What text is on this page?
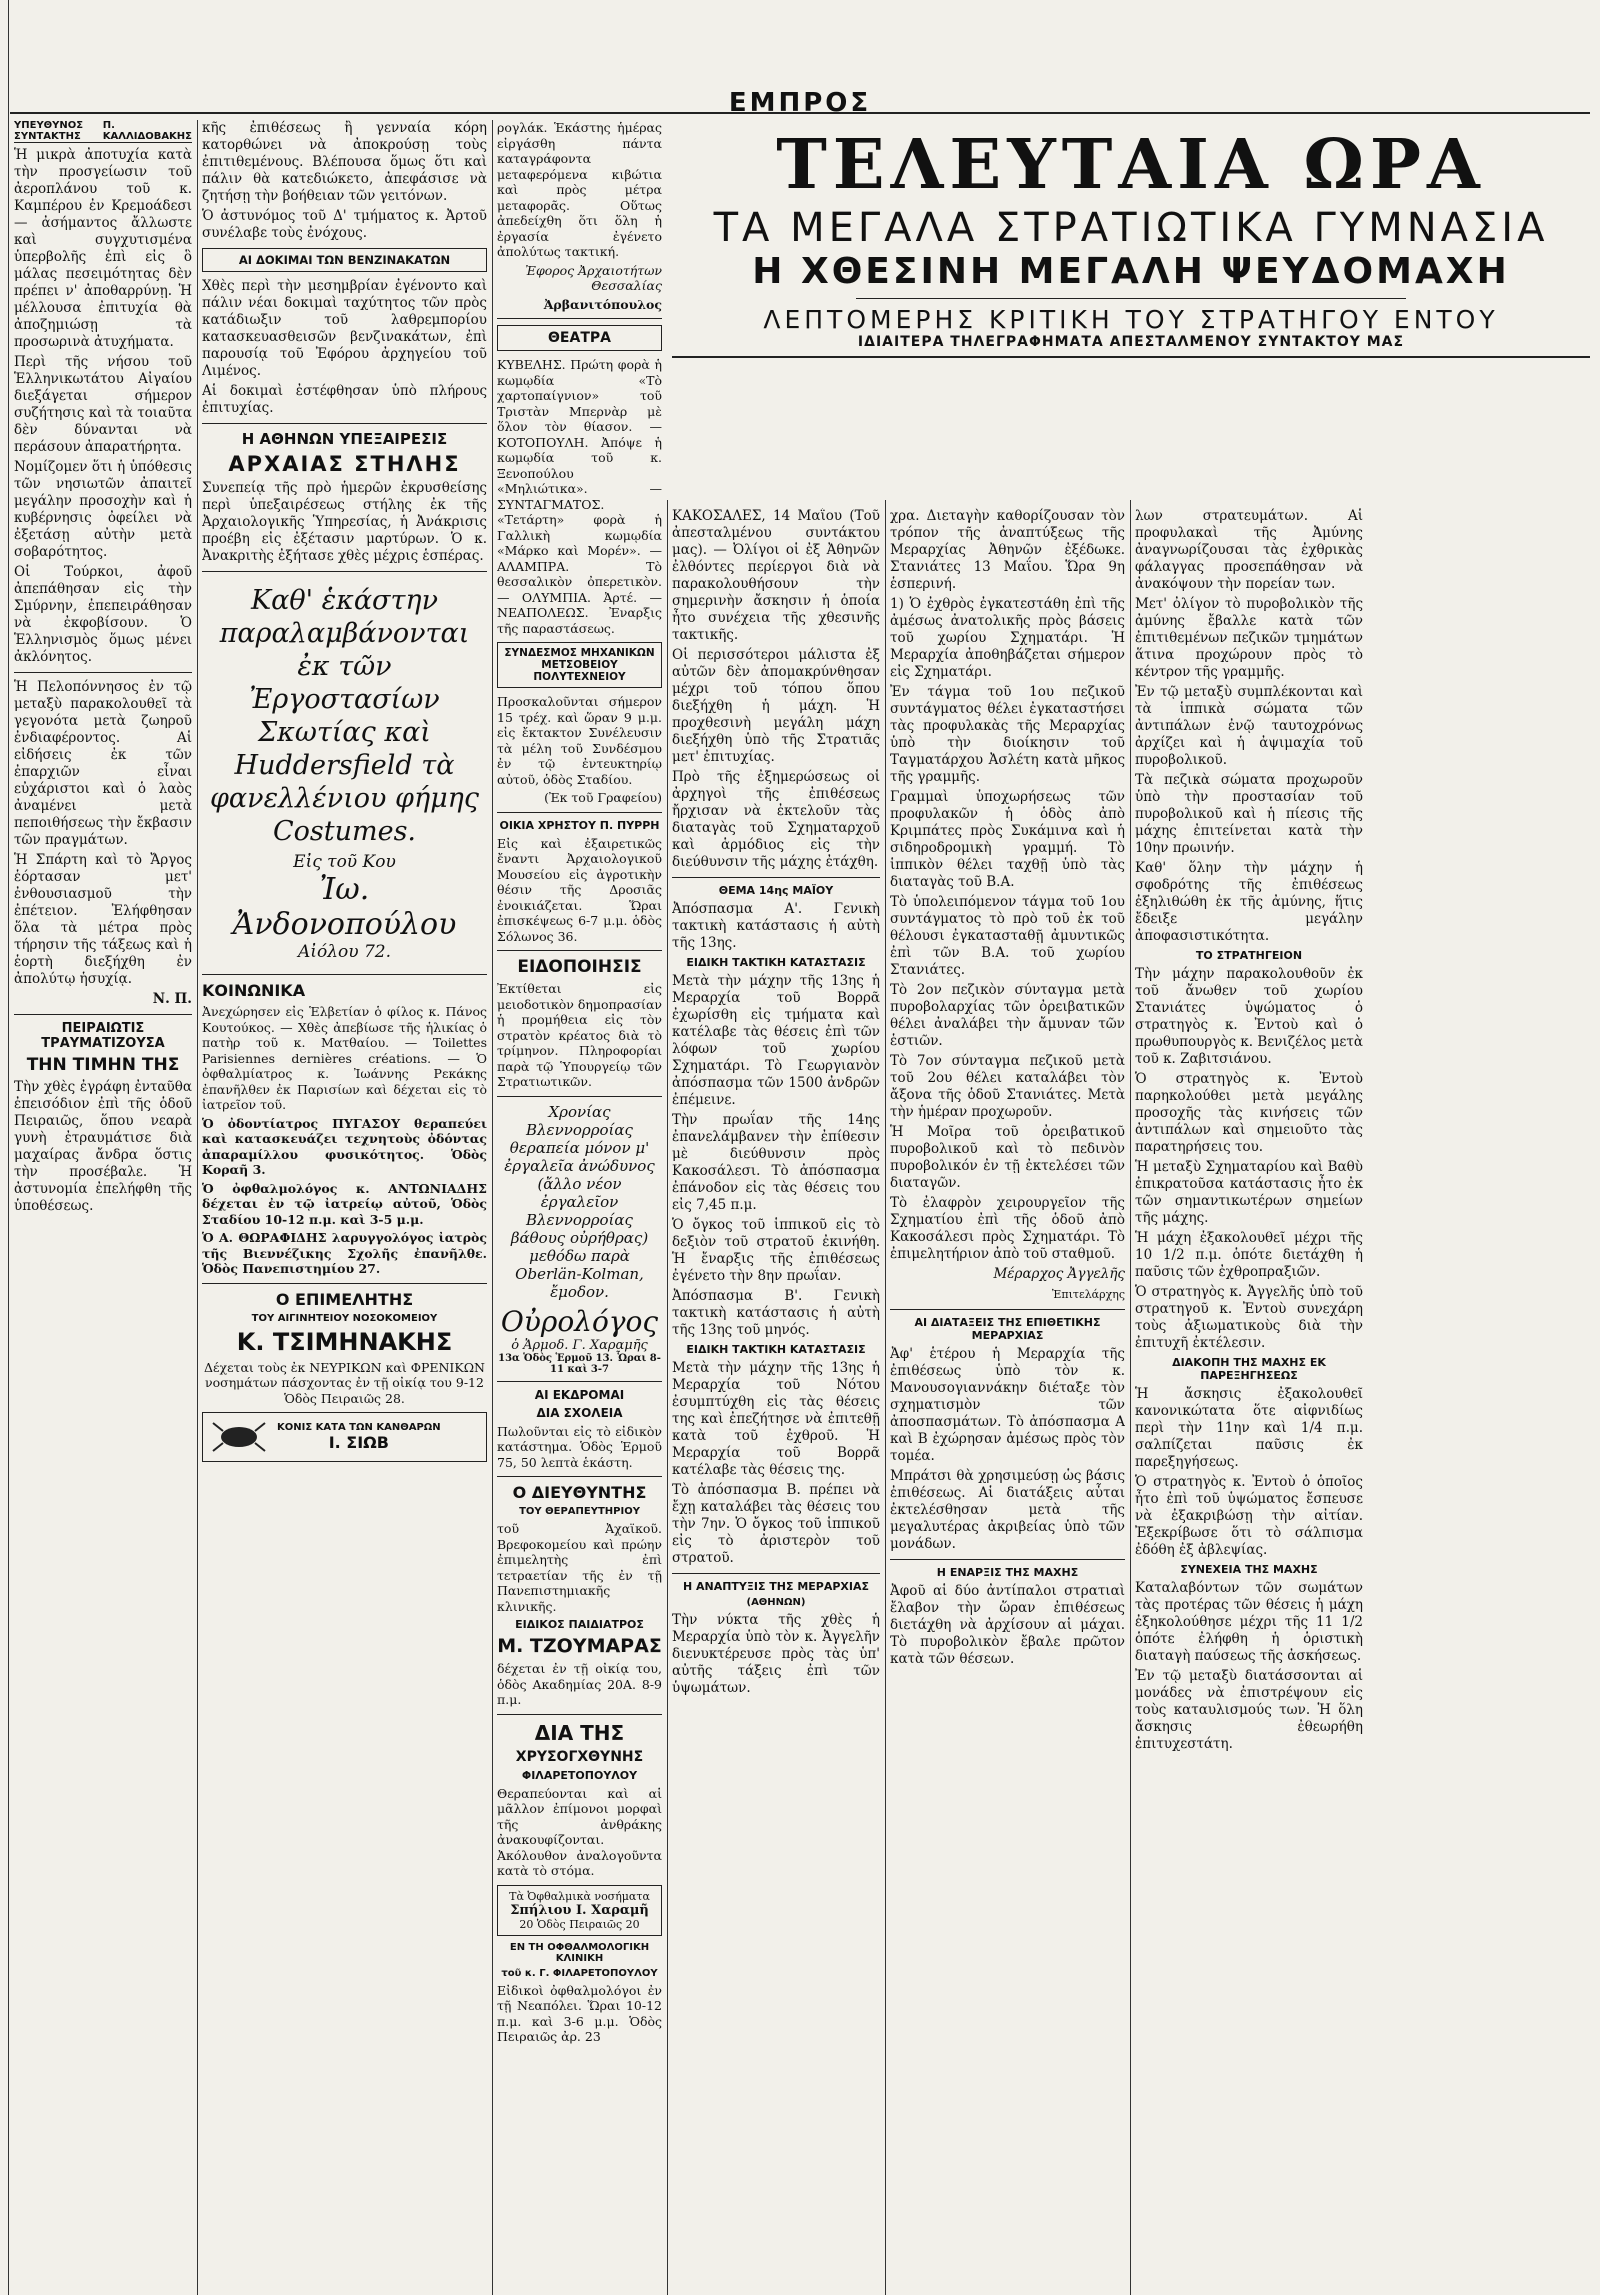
ΕΜΠΡΟΣ
ΥΠΕΥΘΥΝΟΣ ΣΥΝΤΑΚΤΗΣ
Π. ΚΑΛΛΙΔΟΒΑΚΗΣ

Ἡ μικρὰ ἀποτυχία κατὰ τὴν προσγείωσιν τοῦ ἀεροπλάνου τοῦ κ. Καμπέρου ἐν Κρεμοάδεσι — ἀσήμαντος ἄλλωστε καὶ συγχυτισμένα ὑπερβολῆς ἐπὶ εἰς ὃ μάλας πεσειμότητας δὲν πρέπει ν' ἀποθαρρύνῃ. Ἡ μέλλουσα ἐπιτυχία θὰ ἀποζημιώσῃ τὰ προσωρινὰ ἀτυχήματα.

Περὶ τῆς νήσου τοῦ Ἑλληνικωτάτου Αἰγαίου διεξάγεται σήμερον συζήτησις καὶ τὰ τοιαῦτα δὲν δύνανται νὰ περάσουν ἀπαρατήρητα.

Νομίζομεν ὅτι ἡ ὑπόθεσις τῶν νησιωτῶν ἀπαιτεῖ μεγάλην προσοχὴν καὶ ἡ κυβέρνησις ὀφείλει νὰ ἐξετάσῃ αὐτὴν μετὰ σοβαρότητος.

Οἱ Τούρκοι, ἀφοῦ ἀπεπάθησαν εἰς τὴν Σμύρνην, ἐπεπειράθησαν νὰ ἐκφοβίσουν. Ὁ Ἑλληνισμὸς ὅμως μένει ἀκλόνητος.

Ἡ Πελοπόννησος ἐν τῷ μεταξὺ παρακολουθεῖ τὰ γεγονότα μετὰ ζωηροῦ ἐνδιαφέροντος. Αἱ εἰδήσεις ἐκ τῶν ἐπαρχιῶν εἶναι εὐχάριστοι καὶ ὁ λαὸς ἀναμένει μετὰ πεποιθήσεως τὴν ἔκβασιν τῶν πραγμάτων.

Ἡ Σπάρτη καὶ τὸ Ἄργος ἑόρτασαν μετ' ἐνθουσιασμοῦ τὴν ἐπέτειον. Ἐλήφθησαν ὅλα τὰ μέτρα πρὸς τήρησιν τῆς τάξεως καὶ ἡ ἑορτὴ διεξήχθη ἐν ἀπολύτῳ ἡσυχίᾳ.

Ν. Π.

ΠΕΙΡΑΙΩΤΙΣ ΤΡΑΥΜΑΤΙΖΟΥΣΑ
ΤΗΝ ΤΙΜΗΝ ΤΗΣ

Τὴν χθὲς ἐγράφη ἐνταῦθα ἐπεισόδιον ἐπὶ τῆς ὁδοῦ Πειραιῶς, ὅπου νεαρὰ γυνὴ ἐτραυμάτισε διὰ μαχαίρας ἄνδρα ὅστις τὴν προσέβαλε. Ἡ ἀστυνομία ἐπελήφθη τῆς ὑποθέσεως.

κῆς ἐπιθέσεως ἢ γενναία κόρη κατορθώνει νὰ ἀποκρούσῃ τοὺς ἐπιτιθεμένους. Βλέπουσα ὅμως ὅτι καὶ πάλιν θὰ κατεδιώκετο, ἀπεφάσισε νὰ ζητήσῃ τὴν βοήθειαν τῶν γειτόνων.

Ὁ ἀστυνόμος τοῦ Δ' τμήματος κ. Ἀρτοῦ συνέλαβε τοὺς ἐνόχους.

ΑΙ ΔΟΚΙΜΑΙ ΤΩΝ ΒΕΝΖΙΝΑΚΑΤΩΝ

Χθὲς περὶ τὴν μεσημβρίαν ἐγένοντο καὶ πάλιν νέαι δοκιμαὶ ταχύτητος τῶν πρὸς κατάδιωξιν τοῦ λαθρεμπορίου κατασκευασθεισῶν βενζινακάτων, ἐπὶ παρουσίᾳ τοῦ Ἐφόρου ἀρχηγείου τοῦ Λιμένος.

Αἱ δοκιμαὶ ἐστέφθησαν ὑπὸ πλήρους ἐπιτυχίας.

Η ΑΘΗΝΩΝ ΥΠΕΞΑΙΡΕΣΙΣ
ΑΡΧΑΙΑΣ ΣΤΗΛΗΣ

Συνεπείᾳ τῆς πρὸ ἡμερῶν ἐκρυσθείσης περὶ ὑπεξαιρέσεως στήλης ἐκ τῆς Ἀρχαιολογικῆς Ὑπηρεσίας, ἡ Ἀνάκρισις προέβη εἰς ἐξέτασιν μαρτύρων. Ὁ κ. Ἀνακριτὴς ἐξήτασε χθὲς μέχρις ἑσπέρας.

Καθ' ἑκάστην παραλαμβάνονται ἐκ τῶν Ἐργοστασίων Σκωτίας καὶ Huddersfield τὰ φανελλένιου φήμης Costumes.
Εἰς τοῦ Κου
Ἰω. Ἀνδονοπούλου
Αἰόλου 72.
ΚΟΙΝΩΝΙΚΑ

Ἀνεχώρησεν εἰς Ἑλβετίαν ὁ φίλος κ. Πάνος Κουτούκος. — Χθὲς ἀπεβίωσε τῆς ἡλικίας ὁ πατὴρ τοῦ κ. Ματθαίου. — Toilettes Parisiennes dernières créations. — Ὁ ὀφθαλμίατρος κ. Ἰωάννης Ρεκάκης ἐπανῆλθεν ἐκ Παρισίων καὶ δέχεται εἰς τὸ ἰατρεῖον τοῦ.

Ὁ ὀδοντίατρος ΠΥΓΑΣΟΥ θεραπεύει καὶ κατασκευάζει τεχνητοὺς ὀδόντας ἀπαραμίλλου φυσικότητος. Ὁδὸς Κοραῆ 3.

Ὁ ὀφθαλμολόγος κ. ΑΝΤΩΝΙΑΔΗΣ δέχεται ἐν τῷ ἰατρείῳ αὐτοῦ, Ὁδὸς Σταδίου 10-12 π.μ. καὶ 3-5 μ.μ.

Ὁ Α. ΘΩΡΑΦΙΔΗΣ λαρυγγολόγος ἰατρὸς τῆς Βιεννέζικης Σχολῆς ἐπανῆλθε. Ὁδὸς Πανεπιστημίου 27.

Ο ΕΠΙΜΕΛΗΤΗΣ
ΤΟΥ ΑΙΓΙΝΗΤΕΙΟΥ ΝΟΣΟΚΟΜΕΙΟΥ
Κ. ΤΣΙΜΗΝΑΚΗΣ

Δέχεται τοὺς ἐκ ΝΕΥΡΙΚΩΝ καὶ ΦΡΕΝΙΚΩΝ νοσημάτων πάσχοντας ἐν τῇ οἰκίᾳ του 9-12 Ὁδὸς Πειραιῶς 28.

ΚΟΝΙΣ ΚΑΤΑ ΤΩΝ ΚΑΝΘΑΡΩΝ
Ι. ΣΙΩΒ

ρογλάκ. Ἑκάστης ἡμέρας εἰργάσθη πάντα καταγράφοντα μεταφερόμενα κιβώτια καὶ πρὸς μέτρα μεταφορᾶς. Οὕτως ἀπεδείχθη ὅτι ὅλη ἡ ἐργασία ἐγένετο ἀπολύτως τακτική.

Ἐφορος Ἀρχαιοτήτων Θεσσαλίας

Ἀρβανιτόπουλος

ΘΕΑΤΡΑ

ΚΥΒΕΛΗΣ. Πρώτη φορὰ ἡ κωμῳδία «Τὸ χαρτοπαίγνιον» τοῦ Τριστὰν Μπερνὰρ μὲ ὅλον τὸν θίασον. — ΚΟΤΟΠΟΥΛΗ. Ἀπόψε ἡ κωμῳδία τοῦ κ. Ξενοπούλου «Μηλιώτικα». — ΣΥΝΤΑΓΜΑΤΟΣ. «Τετάρτη» φορὰ ἡ Γαλλικὴ κωμῳδία «Μάρκο καὶ Μορέν». — ΑΛΑΜΠΡΑ. Τὸ θεσσαλικὸν ὀπερετικὸν. — ΟΛΥΜΠΙΑ. Ἀρτέ. — ΝΕΑΠΟΛΕΩΣ. Ἐναρξις τῆς παραστάσεως.

ΣΥΝΔΕΣΜΟΣ ΜΗΧΑΝΙΚΩΝ
ΜΕΤΣΟΒΕΙΟΥ ΠΟΛΥΤΕΧΝΕΙΟΥ

Προσκαλοῦνται σήμερον 15 τρέχ. καὶ ὥραν 9 μ.μ. εἰς ἔκτακτον Συνέλευσιν τὰ μέλη τοῦ Συνδέσμου ἐν τῷ ἐντευκτηρίῳ αὐτοῦ, ὁδὸς Σταδίου.

(Ἐκ τοῦ Γραφείου)

ΟΙΚΙΑ ΧΡΗΣΤΟΥ Π. ΠΥΡΡΗ

Εἰς καὶ ἐξαιρετικῶς ἔναντι Ἀρχαιολογικοῦ Μουσείου εἰς ἀγροτικὴν θέσιν τῆς Δροσιᾶς ἐνοικιάζεται. Ὥραι ἐπισκέψεως 6-7 μ.μ. ὁδὸς Σόλωνος 36.

ΕΙΔΟΠΟΙΗΣΙΣ

Ἐκτίθεται εἰς μειοδοτικὸν δημοπρασίαν ἡ προμήθεια εἰς τὸν στρατὸν κρέατος διὰ τὸ τρίμηνον. Πληροφορίαι παρὰ τῷ Ὑπουργείῳ τῶν Στρατιωτικῶν.

Χρονίας Βλεννορροίας θεραπεία μόνον μ' ἐργαλεῖα ἀνώδυνος (ἄλλο νέον ἐργαλεῖον Βλεννορροίας βάθους οὐρήθρας) μεθόδω παρὰ Oberlän-Kolman, ἔμοδον.
Οὐρολόγος
ὁ Ἀρμοδ. Γ. Χαραμῆς
13α Ὁδὸς Ἑρμοῦ 13. Ὧραι 8-11 καὶ 3-7
ΑΙ ΕΚΔΡΟΜΑΙ
ΔΙΑ ΣΧΟΛΕΙΑ

Πωλοῦνται εἰς τὸ εἰδικὸν κατάστημα. Ὁδὸς Ἑρμοῦ 75, 50 λεπτὰ ἑκάστη.

Ο ΔΙΕΥΘΥΝΤΗΣ
ΤΟΥ ΘΕΡΑΠΕΥΤΗΡΙΟΥ

τοῦ Ἀχαϊκοῦ. Βρεφοκομείου καὶ πρώην ἐπιμελητὴς ἐπὶ τετραετίαν τῆς ἐν τῇ Πανεπιστημιακῆς κλινικῆς.

ΕΙΔΙΚΟΣ ΠΑΙΔΙΑΤΡΟΣ
Μ. ΤΖΟΥΜΑΡΑΣ

δέχεται ἐν τῇ οἰκίᾳ του, ὁδὸς Ακαδημίας 20Α. 8-9 π.μ.

ΔΙΑ ΤΗΣ
ΧΡΥΣΟΓΧΘΥΝΗΣ
ΦΙΛΑΡΕΤΟΠΟΥΛΟΥ

Θεραπεύονται καὶ αἱ μᾶλλον ἐπίμονοι μορφαὶ τῆς ἀνθράκης ἀνακουφίζονται. Ἀκόλουθον ἀναλογοῦντα κατὰ τὸ στόμα.

Τὰ Ὀφθαλμικὰ νοσήματα
Σπήλιου Ι. Χαραμῆ
20 Ὁδὸς Πειραιῶς 20
ΕΝ ΤΗ ΟΦΘΑΛΜΟΛΟΓΙΚΗ ΚΛΙΝΙΚΗ
τοῦ κ. Γ. ΦΙΛΑΡΕΤΟΠΟΥΛΟΥ

Εἰδικοὶ ὀφθαλμολόγοι ἐν τῇ Νεαπόλει. Ὥραι 10-12 π.μ. καὶ 3-6 μ.μ. Ὁδὸς Πειραιῶς ἀρ. 23

ΤΕΛΕΥΤΑΙΑ ΩΡΑ
ΤΑ ΜΕΓΑΛΑ ΣΤΡΑΤΙΩΤΙΚΑ ΓΥΜΝΑΣΙΑ
Η ΧΘΕΣΙΝΗ ΜΕΓΑΛΗ ΨΕΥΔΟΜΑΧΗ
ΛΕΠΤΟΜΕΡΗΣ ΚΡΙΤΙΚΗ ΤΟΥ ΣΤΡΑΤΗΓΟΥ ΕΝΤΟΥ
ΙΔΙΑΙΤΕΡΑ ΤΗΛΕΓΡΑΦΗΜΑΤΑ ΑΠΕΣΤΑΛΜΕΝΟΥ ΣΥΝΤΑΚΤΟΥ ΜΑΣ

ΚΑΚΟΣΑΛΕΣ, 14 Μαΐου (Τοῦ ἀπεσταλμένου συντάκτου μας). — Ὀλίγοι οἱ ἐξ Ἀθηνῶν ἐλθόντες περίεργοι διὰ νὰ παρακολουθήσουν τὴν σημερινὴν ἄσκησιν ἡ ὁποία ἦτο συνέχεια τῆς χθεσινῆς τακτικῆς.

Οἱ περισσότεροι μάλιστα ἐξ αὐτῶν δὲν ἀπομακρύνθησαν μέχρι τοῦ τόπου ὅπου διεξήχθη ἡ μάχη. Ἡ προχθεσινὴ μεγάλη μάχη διεξήχθη ὑπὸ τῆς Στρατιᾶς μετ' ἐπιτυχίας.

Πρὸ τῆς ἐξημερώσεως οἱ ἀρχηγοὶ τῆς ἐπιθέσεως ἤρχισαν νὰ ἐκτελοῦν τὰς διαταγὰς τοῦ Σχηματαρχοῦ καὶ ἁρμόδιος εἰς τὴν διεύθυνσιν τῆς μάχης ἐτάχθη.

ΘΕΜΑ 14ης ΜΑΪΟΥ

Ἀπόσπασμα Α'. Γενικὴ τακτικὴ κατάστασις ἡ αὐτὴ τῆς 13ης.

ΕΙΔΙΚΗ ΤΑΚΤΙΚΗ ΚΑΤΑΣΤΑΣΙΣ

Μετὰ τὴν μάχην τῆς 13ης ἡ Μεραρχία τοῦ Βορρᾶ ἐχωρίσθη εἰς τμήματα καὶ κατέλαβε τὰς θέσεις ἐπὶ τῶν λόφων τοῦ χωρίου Σχηματάρι. Τὸ Γεωργιανὸν ἀπόσπασμα τῶν 1500 ἀνδρῶν ἐπέμεινε.

Τὴν πρωΐαν τῆς 14ης ἐπανελάμβανεν τὴν ἐπίθεσιν μὲ διεύθυνσιν πρὸς Κακοσάλεσι. Τὸ ἀπόσπασμα ἐπάνοδον εἰς τὰς θέσεις του εἰς 7,45 π.μ.

Ὁ ὄγκος τοῦ ἱππικοῦ εἰς τὸ δεξιὸν τοῦ στρατοῦ ἐκινήθη. Ἡ ἔναρξις τῆς ἐπιθέσεως ἐγένετο τὴν 8ην πρωΐαν.

Ἀπόσπασμα Β'. Γενικὴ τακτικὴ κατάστασις ἡ αὐτὴ τῆς 13ης τοῦ μηνός.

ΕΙΔΙΚΗ ΤΑΚΤΙΚΗ ΚΑΤΑΣΤΑΣΙΣ

Μετὰ τὴν μάχην τῆς 13ης ἡ Μεραρχία τοῦ Νότου ἐσυμπτύχθη εἰς τὰς θέσεις της καὶ ἐπεζήτησε νὰ ἐπιτεθῇ κατὰ τοῦ ἐχθροῦ. Ἡ Μεραρχία τοῦ Βορρᾶ κατέλαβε τὰς θέσεις της.

Τὸ ἀπόσπασμα Β. πρέπει νὰ ἔχῃ καταλάβει τὰς θέσεις του τὴν 7ην. Ὁ ὄγκος τοῦ ἱππικοῦ εἰς τὸ ἀριστερὸν τοῦ στρατοῦ.

Η ΑΝΑΠΤΥΞΙΣ ΤΗΣ ΜΕΡΑΡΧΙΑΣ
(ΑΘΗΝΩΝ)

Τὴν νύκτα τῆς χθὲς ἡ Μεραρχία ὑπὸ τὸν κ. Ἀγγελῆν διενυκτέρευσε πρὸς τὰς ὑπ' αὐτῆς τάξεις ἐπὶ τῶν ὑψωμάτων.

χρα. Διεταγὴν καθορίζουσαν τὸν τρόπον τῆς ἀναπτύξεως τῆς Μεραρχίας Ἀθηνῶν ἐξέδωκε. Στανιάτες 13 Μαΐου. Ὥρα 9η ἑσπερινή.

1) Ὁ ἐχθρὸς ἐγκατεστάθη ἐπὶ τῆς ἀμέσως ἀνατολικῆς πρὸς βάσεις τοῦ χωρίου Σχηματάρι. Ἡ Μεραρχία ἀποθηβάζεται σήμερον εἰς Σχηματάρι.

Ἐν τάγμα τοῦ 1ου πεζικοῦ συντάγματος θέλει ἐγκαταστήσει τὰς προφυλακὰς τῆς Μεραρχίας ὑπὸ τὴν διοίκησιν τοῦ Ταγματάρχου Ἀσλέτη κατὰ μῆκος τῆς γραμμῆς.

Γραμμαὶ ὑποχωρήσεως τῶν προφυλακῶν ἡ ὁδὸς ἀπὸ Κριμπάτες πρὸς Συκάμινα καὶ ἡ σιδηροδρομικὴ γραμμή. Τὸ ἱππικὸν θέλει ταχθῇ ὑπὸ τὰς διαταγὰς τοῦ Β.Α.

Τὸ ὑπολειπόμενον τάγμα τοῦ 1ου συντάγματος τὸ πρὸ τοῦ ἐκ τοῦ θέλουσι ἐγκατασταθῇ ἀμυντικῶς ἐπὶ τῶν Β.Α. τοῦ χωρίου Στανιάτες.

Τὸ 2ον πεζικὸν σύνταγμα μετὰ πυροβολαρχίας τῶν ὀρειβατικῶν θέλει ἀναλάβει τὴν ἄμυναν τῶν ἑστιῶν.

Τὸ 7ον σύνταγμα πεζικοῦ μετὰ τοῦ 2ου θέλει καταλάβει τὸν ἄξονα τῆς ὁδοῦ Στανιάτες. Μετὰ τὴν ἡμέραν προχωροῦν.

Ἡ Μοῖρα τοῦ ὀρειβατικοῦ πυροβολικοῦ καὶ τὸ πεδινὸν πυροβολικόν ἐν τῇ ἐκτελέσει τῶν διαταγῶν.

Τὸ ἐλαφρὸν χειρουργεῖον τῆς Σχηματίου ἐπὶ τῆς ὁδοῦ ἀπὸ Κακοσάλεσι πρὸς Σχηματάρι. Τὸ ἐπιμελητήριον ἀπὸ τοῦ σταθμοῦ.

Μέραρχος Ἀγγελῆς

Ἐπιτελάρχης

ΑΙ ΔΙΑΤΑΞΕΙΣ ΤΗΣ ΕΠΙΘΕΤΙΚΗΣ ΜΕΡΑΡΧΙΑΣ

Ἀφ' ἑτέρου ἡ Μεραρχία τῆς ἐπιθέσεως ὑπὸ τὸν κ. Μανουσογιαννάκην διέταξε τὸν σχηματισμὸν τῶν ἀποσπασμάτων. Τὸ ἀπόσπασμα Α καὶ Β ἐχώρησαν ἀμέσως πρὸς τὸν τομέα.

Μπράτσι θὰ χρησιμεύσῃ ὡς βάσις ἐπιθέσεως. Αἱ διατάξεις αὗται ἐκτελέσθησαν μετὰ τῆς μεγαλυτέρας ἀκριβείας ὑπὸ τῶν μονάδων.

Η ΕΝΑΡΞΙΣ ΤΗΣ ΜΑΧΗΣ

Ἀφοῦ αἱ δύο ἀντίπαλοι στρατιαὶ ἔλαβον τὴν ὥραν ἐπιθέσεως διετάχθη νὰ ἀρχίσουν αἱ μάχαι. Τὸ πυροβολικὸν ἔβαλε πρῶτον κατὰ τῶν θέσεων.

λων στρατευμάτων. Αἱ προφυλακαὶ τῆς Ἀμύνης ἀναγνωρίζουσαι τὰς ἐχθρικὰς φάλαγγας προσεπάθησαν νὰ ἀνακόψουν τὴν πορείαν των.

Μετ' ὀλίγον τὸ πυροβολικὸν τῆς ἀμύνης ἔβαλλε κατὰ τῶν ἐπιτιθεμένων πεζικῶν τμημάτων ἅτινα προχώρουν πρὸς τὸ κέντρον τῆς γραμμῆς.

Ἐν τῷ μεταξὺ συμπλέκονται καὶ τὰ ἱππικὰ σώματα τῶν ἀντιπάλων ἐνῷ ταυτοχρόνως ἀρχίζει καὶ ἡ ἀψιμαχία τοῦ πυροβολικοῦ.

Τὰ πεζικὰ σώματα προχωροῦν ὑπὸ τὴν προστασίαν τοῦ πυροβολικοῦ καὶ ἡ πίεσις τῆς μάχης ἐπιτείνεται κατὰ τὴν 10ην πρωινήν.

Καθ' ὅλην τὴν μάχην ἡ σφοδρότης τῆς ἐπιθέσεως ἐξηλιθώθη ἐκ τῆς ἀμύνης, ἥτις ἔδειξε μεγάλην ἀποφασιστικότητα.

ΤΟ ΣΤΡΑΤΗΓΕΙΟΝ

Τὴν μάχην παρακολουθοῦν ἐκ τοῦ ἄνωθεν τοῦ χωρίου Στανιάτες ὑψώματος ὁ στρατηγὸς κ. Ἐντοὺ καὶ ὁ πρωθυπουργὸς κ. Βενιζέλος μετὰ τοῦ κ. Ζαβιτσιάνου.

Ὁ στρατηγὸς κ. Ἐντοὺ παρηκολούθει μετὰ μεγάλης προσοχῆς τὰς κινήσεις τῶν ἀντιπάλων καὶ σημειοῦτο τὰς παρατηρήσεις του.

Ἡ μεταξὺ Σχηματαρίου καὶ Βαθὺ ἐπικρατοῦσα κατάστασις ἦτο ἐκ τῶν σημαντικωτέρων σημείων τῆς μάχης.

Ἡ μάχη ἐξακολουθεῖ μέχρι τῆς 10 1/2 π.μ. ὁπότε διετάχθη ἡ παῦσις τῶν ἐχθροπραξιῶν.

Ὁ στρατηγὸς κ. Ἀγγελῆς ὑπὸ τοῦ στρατηγοῦ κ. Ἐντοὺ συνεχάρη τοὺς ἀξιωματικοὺς διὰ τὴν ἐπιτυχῆ ἐκτέλεσιν.

ΔΙΑΚΟΠΗ ΤΗΣ ΜΑΧΗΣ ΕΚ ΠΑΡΕΞΗΓΗΣΕΩΣ

Ἡ ἄσκησις ἐξακολουθεῖ κανονικώτατα ὅτε αἰφνιδίως περὶ τὴν 11ην καὶ 1/4 π.μ. σαλπίζεται παῦσις ἐκ παρεξηγήσεως.

Ὁ στρατηγὸς κ. Ἐντοὺ ὁ ὁποῖος ἦτο ἐπὶ τοῦ ὑψώματος ἔσπευσε νὰ ἐξακριβώσῃ τὴν αἰτίαν. Ἐξεκρίβωσε ὅτι τὸ σάλπισμα ἐδόθη ἐξ ἀβλεψίας.

ΣΥΝΕΧΕΙΑ ΤΗΣ ΜΑΧΗΣ

Καταλαβόντων τῶν σωμάτων τὰς προτέρας τῶν θέσεις ἡ μάχη ἐξηκολούθησε μέχρι τῆς 11 1/2 ὁπότε ἐλήφθη ἡ ὁριστικὴ διαταγὴ παύσεως τῆς ἀσκήσεως.

Ἐν τῷ μεταξὺ διατάσσονται αἱ μονάδες νὰ ἐπιστρέψουν εἰς τοὺς καταυλισμούς των. Ἡ ὅλη ἄσκησις ἐθεωρήθη ἐπιτυχεστάτη.
